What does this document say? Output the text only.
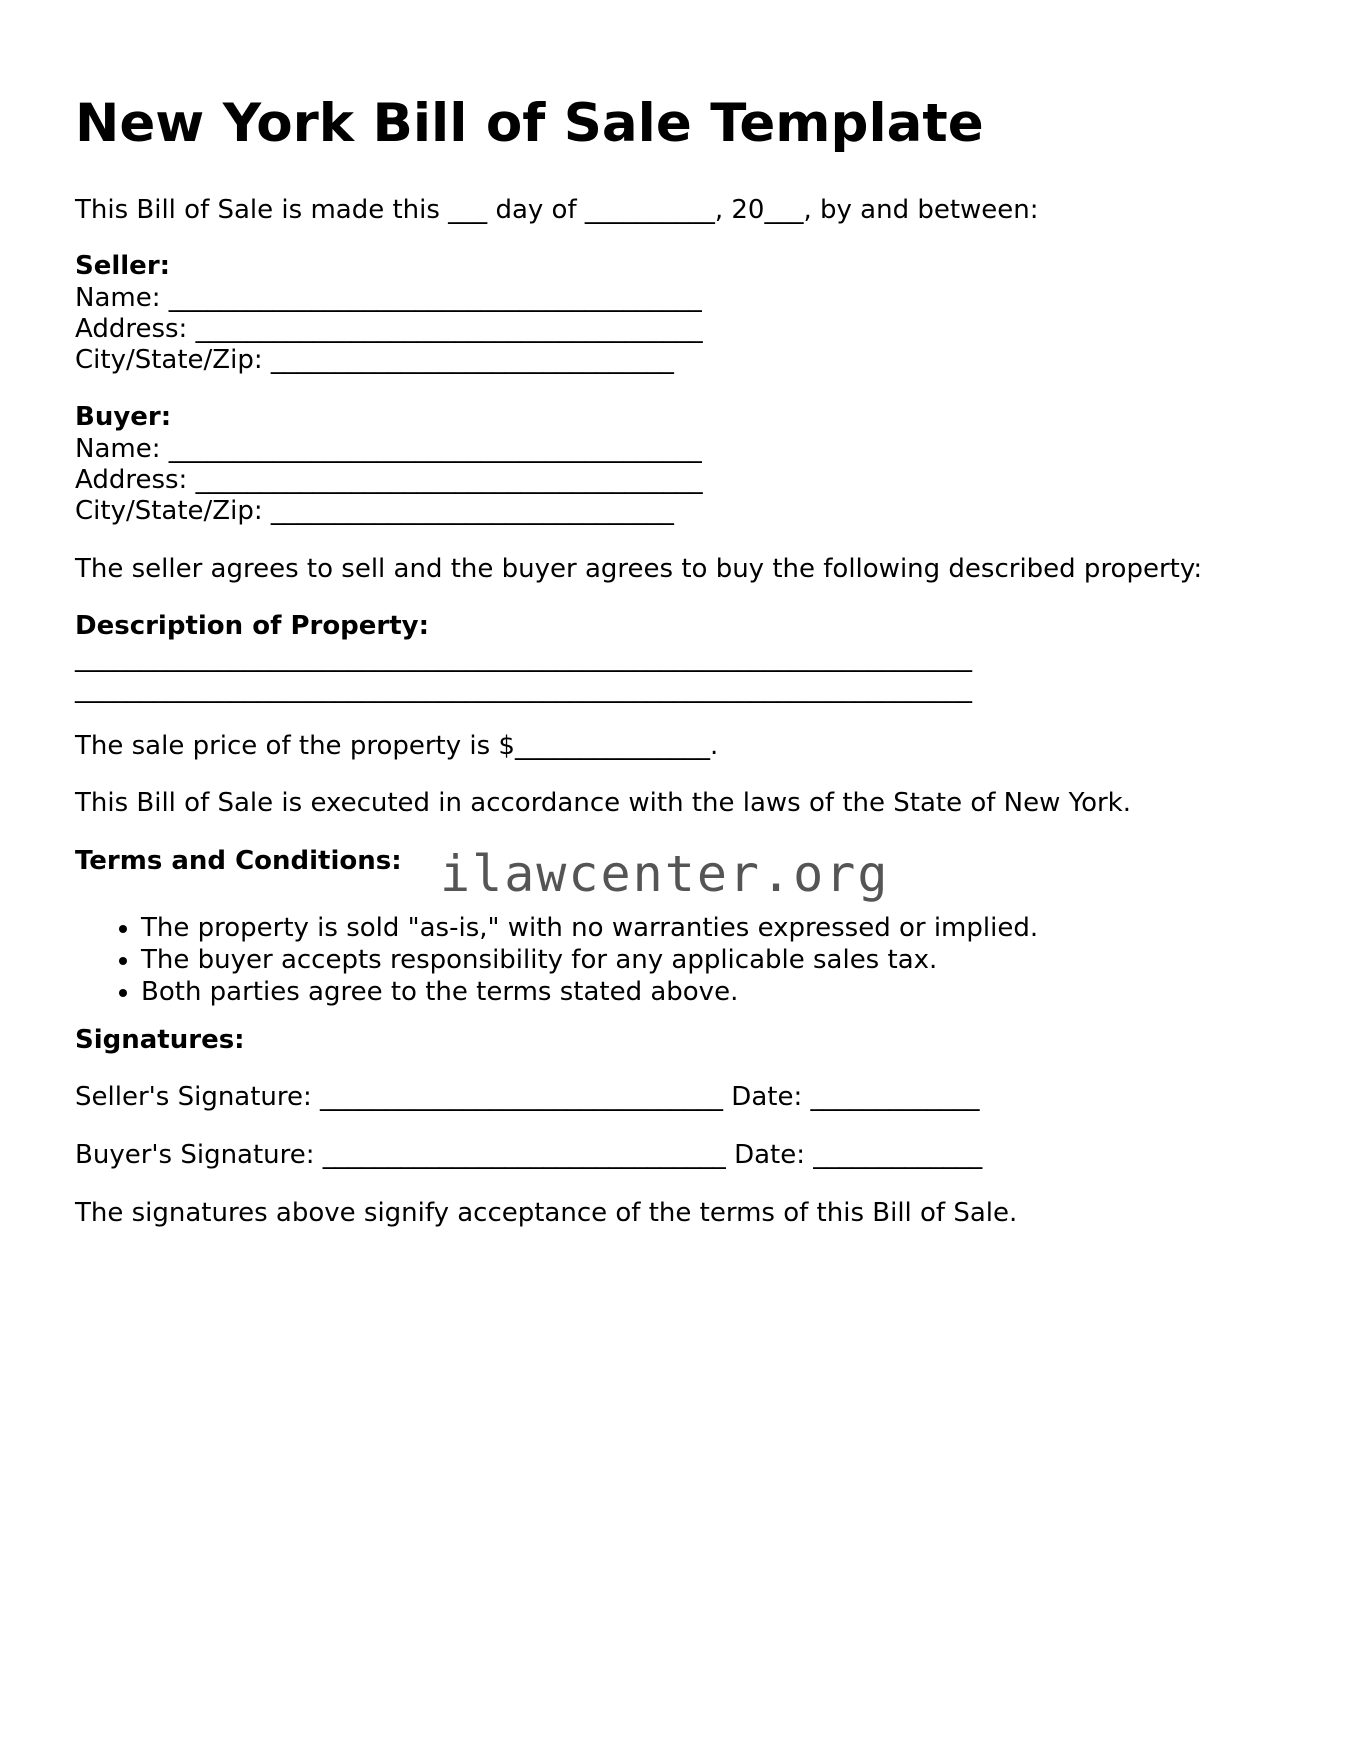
New York Bill of Sale Template
This Bill of Sale is made this ___ day of __________, 20___, by and between:
Seller:
Name: _________________________________________
Address: _______________________________________
City/State/Zip: _______________________________
Buyer:
Name: _________________________________________
Address: _______________________________________
City/State/Zip: _______________________________
The seller agrees to sell and the buyer agrees to buy the following described property:
Description of Property:
_____________________________________________________________________
_____________________________________________________________________
The sale price of the property is $_______________.
This Bill of Sale is executed in accordance with the laws of the State of New York.
Terms and Conditions:
• The property is sold "as-is," with no warranties expressed or implied.
• The buyer accepts responsibility for any applicable sales tax.
• Both parties agree to the terms stated above.
Signatures:
Seller's Signature: _______________________________ Date: _____________
Buyer's Signature: _______________________________ Date: _____________
The signatures above signify acceptance of the terms of this Bill of Sale.
ilawcenter.org
